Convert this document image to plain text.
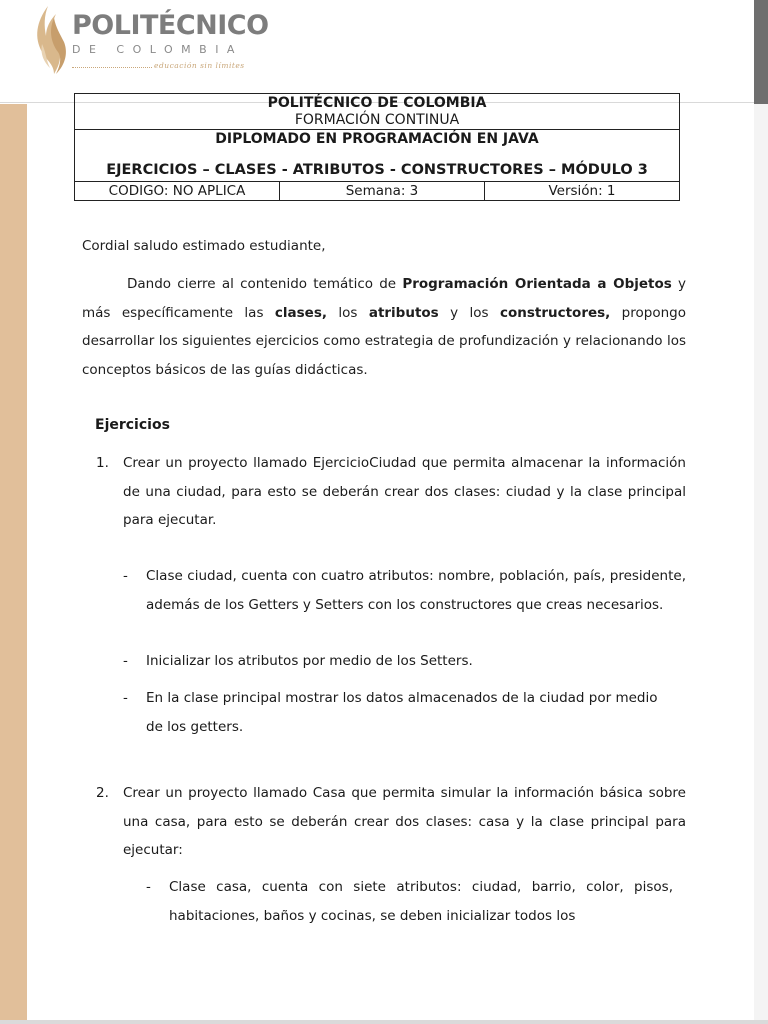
POLITÉCNICO
DE COLOMBIA
educación sin límites
POLITÉCNICO DE COLOMBIA
FORMACIÓN CONTINUA

DIPLOMADO EN PROGRAMACIÓN EN JAVA
EJERCICIOS – CLASES - ATRIBUTOS - CONSTRUCTORES – MÓDULO 3

CODIGO: NO APLICA	Semana: 3	Versión: 1
Cordial saludo estimado estudiante,
Dando cierre al contenido temático de Programación Orientada a Objetos y más específicamente las clases, los atributos y los constructores, propongo desarrollar los siguientes ejercicios como estrategia de profundización y relacionando los conceptos básicos de las guías didácticas.
Ejercicios
1. Crear un proyecto llamado EjercicioCiudad que permita almacenar la información de una ciudad, para esto se deberán crear dos clases: ciudad y la clase principal para ejecutar.
- Clase ciudad, cuenta con cuatro atributos: nombre, población, país, presidente, además de los Getters y Setters con los constructores que creas necesarios.
- Inicializar los atributos por medio de los Setters.
- En la clase principal mostrar los datos almacenados de la ciudad por medio de los getters.
2. Crear un proyecto llamado Casa que permita simular la información básica sobre una casa, para esto se deberán crear dos clases: casa y la clase principal para ejecutar:
- Clase casa, cuenta con siete atributos: ciudad, barrio, color, pisos, habitaciones, baños y cocinas, se deben inicializar todos los
